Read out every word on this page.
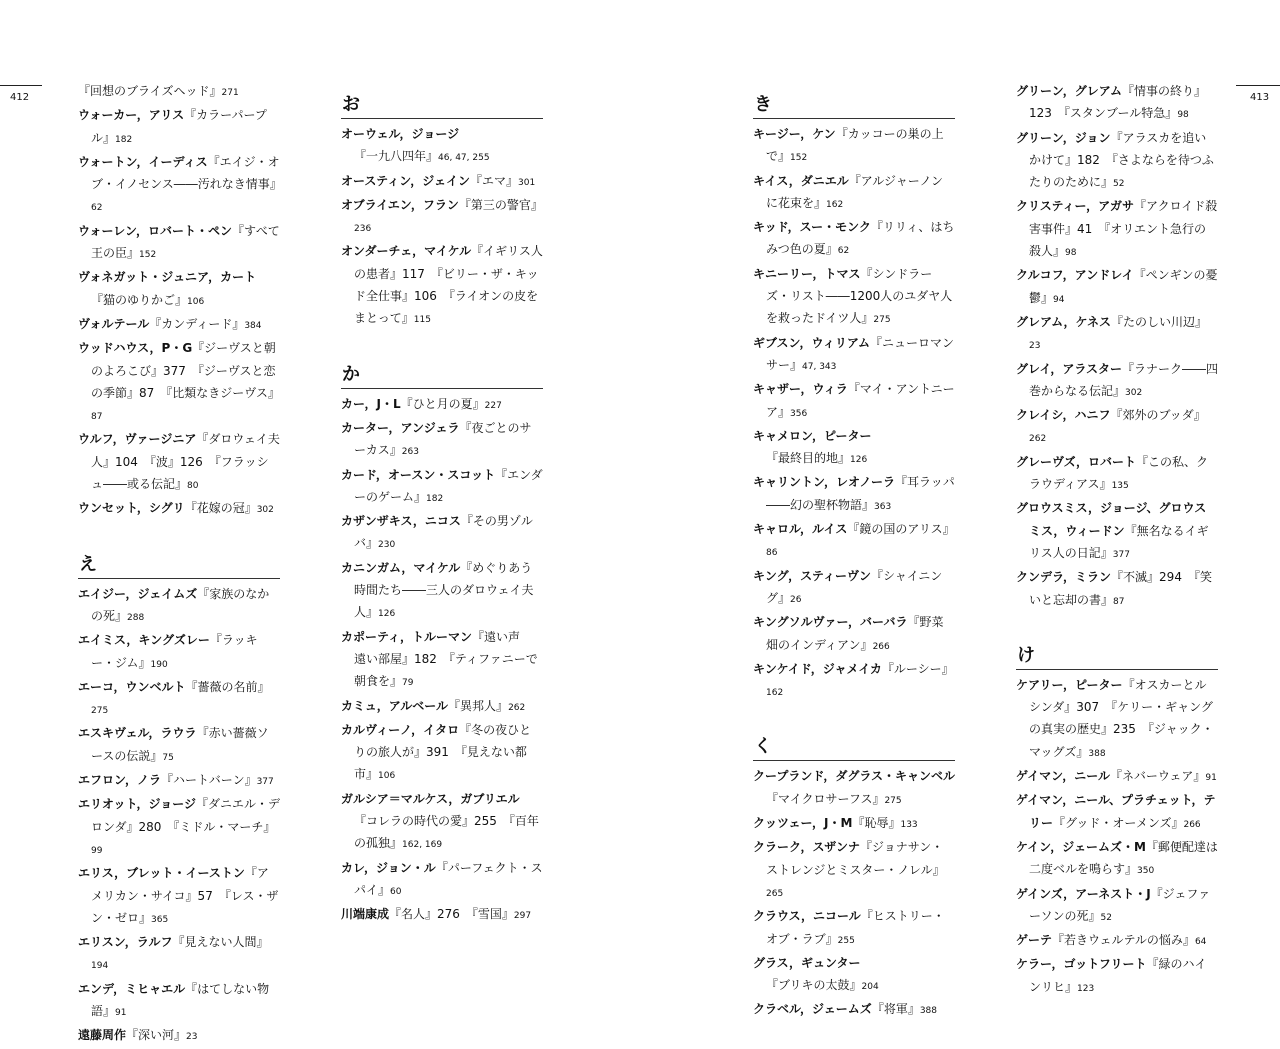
412	413

『回想のブライズヘッド』271

ウォーカー，アリス『カラーパープル』182

ウォートン，イーディス『エイジ・オブ・イノセンス――汚れなき情事』62

ウォーレン，ロバート・ペン『すべて王の臣』152

ヴォネガット・ジュニア，カート『猫のゆりかご』106

ヴォルテール『カンディード』384

ウッドハウス，P・G『ジーヴスと朝のよろこび』377　『ジーヴスと恋の季節』87　『比類なきジーヴス』87

ウルフ，ヴァージニア『ダロウェイ夫人』104　『波』126　『フラッシュ――或る伝記』80

ウンセット，シグリ『花嫁の冠』302

え

エイジー，ジェイムズ『家族のなかの死』288

エイミス，キングズレー『ラッキー・ジム』190

エーコ，ウンベルト『薔薇の名前』275

エスキヴェル，ラウラ『赤い薔薇ソースの伝説』75

エフロン，ノラ『ハートバーン』377

エリオット，ジョージ『ダニエル・デロンダ』280　『ミドル・マーチ』99

エリス，ブレット・イーストン『アメリカン・サイコ』57　『レス・ザン・ゼロ』365

エリスン，ラルフ『見えない人間』194

エンデ，ミヒャエル『はてしない物語』91

遠藤周作『深い河』23

お

オーウェル，ジョージ『一九八四年』46, 47, 255

オースティン，ジェイン『エマ』301

オブライエン，フラン『第三の警官』236

オンダーチェ，マイケル『イギリス人の患者』117　『ビリー・ザ・キッド全仕事』106　『ライオンの皮をまとって』115

か

カー，J・L『ひと月の夏』227

カーター，アンジェラ『夜ごとのサーカス』263

カード，オースン・スコット『エンダーのゲーム』182

カザンザキス，ニコス『その男ゾルバ』230

カニンガム，マイケル『めぐりあう時間たち――三人のダロウェイ夫人』126

カポーティ，トルーマン『遠い声　遠い部屋』182　『ティファニーで朝食を』79

カミュ，アルベール『異邦人』262

カルヴィーノ，イタロ『冬の夜ひとりの旅人が』391　『見えない都市』106

ガルシア＝マルケス，ガブリエル『コレラの時代の愛』255　『百年の孤独』162, 169

カレ，ジョン・ル『パーフェクト・スパイ』60

川端康成『名人』276　『雪国』297

き

キージー，ケン『カッコーの巣の上で』152

キイス，ダニエル『アルジャーノンに花束を』162

キッド，スー・モンク『リリィ、はちみつ色の夏』62

キニーリー，トマス『シンドラーズ・リスト――1200人のユダヤ人を救ったドイツ人』275

ギブスン，ウィリアム『ニューロマンサー』47, 343

キャザー，ウィラ『マイ・アントニーア』356

キャメロン，ピーター『最終目的地』126

キャリントン，レオノーラ『耳ラッパ――幻の聖杯物語』363

キャロル，ルイス『鏡の国のアリス』86

キング，スティーヴン『シャイニング』26

キングソルヴァー，バーバラ『野菜畑のインディアン』266

キンケイド，ジャメイカ『ルーシー』162

く

クープランド，ダグラス・キャンベル『マイクロサーフス』275

クッツェー，J・M『恥辱』133

クラーク，スザンナ『ジョナサン・ストレンジとミスター・ノレル』265

クラウス，ニコール『ヒストリー・オブ・ラブ』255

グラス，ギュンター『ブリキの太鼓』204

クラベル，ジェームズ『将軍』388

グリーン，グレアム『情事の終り』123　『スタンブール特急』98

グリーン，ジョン『アラスカを追いかけて』182　『さよならを待つふたりのために』52

クリスティー，アガサ『アクロイド殺害事件』41　『オリエント急行の殺人』98

クルコフ，アンドレイ『ペンギンの憂鬱』94

グレアム，ケネス『たのしい川辺』23

グレイ，アラスター『ラナーク――四巻からなる伝記』302

クレイシ，ハニフ『郊外のブッダ』262

グレーヴズ，ロバート『この私、クラウディアス』135

グロウスミス，ジョージ、グロウスミス，ウィードン『無名なるイギリス人の日記』377

クンデラ，ミラン『不滅』294　『笑いと忘却の書』87

け

ケアリー，ピーター『オスカーとルシンダ』307　『ケリー・ギャングの真実の歴史』235　『ジャック・マッグズ』388

ゲイマン，ニール『ネバーウェア』91

ゲイマン，ニール、プラチェット，テリー『グッド・オーメンズ』266

ケイン，ジェームズ・M『郵便配達は二度ベルを鳴らす』350

ゲインズ，アーネスト・J『ジェファーソンの死』52

ゲーテ『若きウェルテルの悩み』64

ケラー，ゴットフリート『緑のハインリヒ』123
